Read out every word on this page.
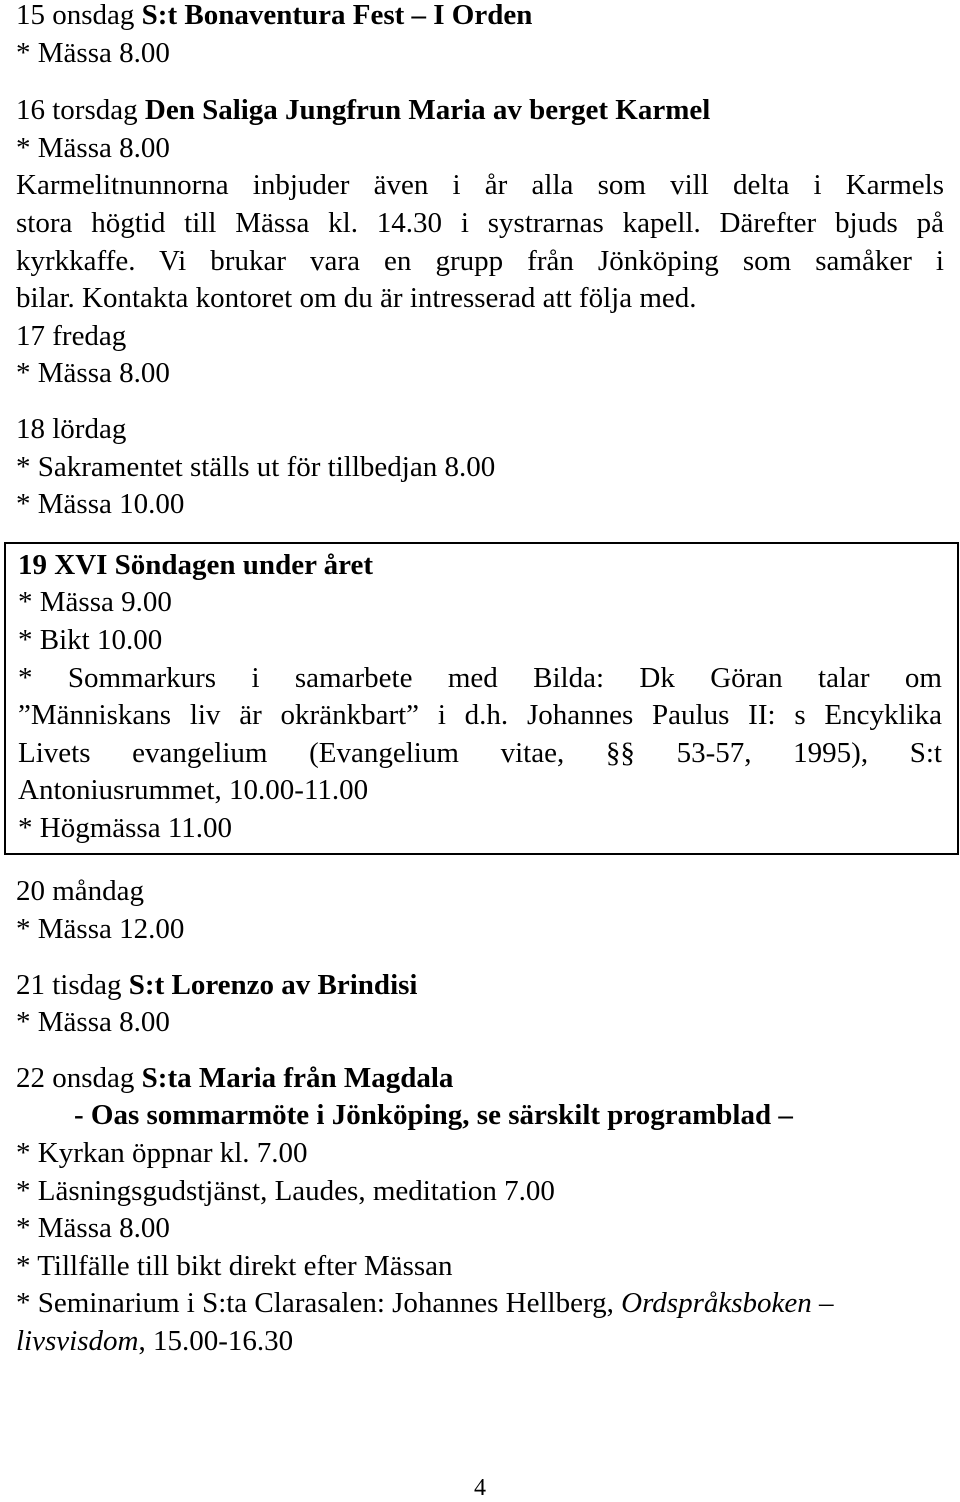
15 onsdag S:t Bonaventura Fest – I Orden
* Mässa 8.00
16 torsdag Den Saliga Jungfrun Maria av berget Karmel
* Mässa 8.00
Karmelitnunnorna inbjuder även i år alla som vill delta i Karmels
stora högtid till Mässa kl. 14.30 i systrarnas kapell. Därefter bjuds på
kyrkkaffe. Vi brukar vara en grupp från Jönköping som samåker i
bilar. Kontakta kontoret om du är intresserad att följa med.
17 fredag
* Mässa 8.00
18 lördag
* Sakramentet ställs ut för tillbedjan 8.00
* Mässa 10.00
19 XVI Söndagen under året
* Mässa 9.00
* Bikt 10.00
* Sommarkurs i samarbete med Bilda: Dk Göran talar om
”Människans liv är okränkbart” i d.h. Johannes Paulus II: s Encyklika
Livets evangelium (Evangelium vitae, §§ 53-57, 1995), S:t
Antoniusrummet, 10.00-11.00
* Högmässa 11.00
20 måndag
* Mässa 12.00
21 tisdag S:t Lorenzo av Brindisi
* Mässa 8.00
22 onsdag S:ta Maria från Magdala
- Oas sommarmöte i Jönköping, se särskilt programblad –
* Kyrkan öppnar kl. 7.00
* Läsningsgudstjänst, Laudes, meditation 7.00
* Mässa 8.00
* Tillfälle till bikt direkt efter Mässan
* Seminarium i S:ta Clarasalen: Johannes Hellberg, Ordspråksboken –
livsvisdom, 15.00-16.30
4
